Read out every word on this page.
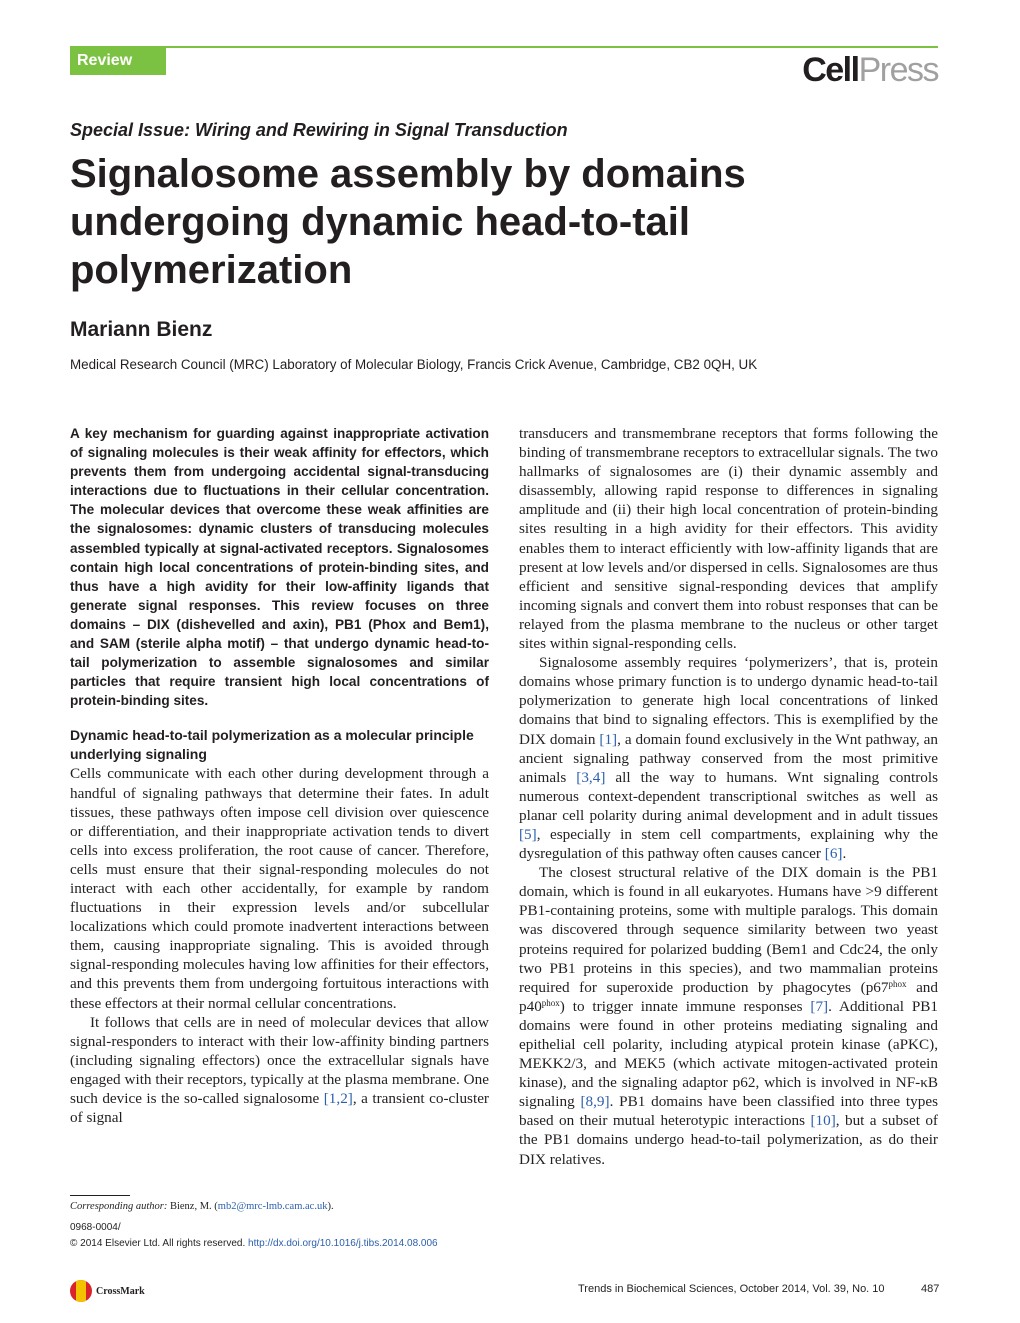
Review	CellPress
Special Issue: Wiring and Rewiring in Signal Transduction
Signalosome assembly by domains undergoing dynamic head-to-tail polymerization
Mariann Bienz
Medical Research Council (MRC) Laboratory of Molecular Biology, Francis Crick Avenue, Cambridge, CB2 0QH, UK

A key mechanism for guarding against inappropriate activation of signaling molecules is their weak affinity for effectors, which prevents them from undergoing accidental signal-transducing interactions due to fluctuations in their cellular concentration. The molecular devices that overcome these weak affinities are the signalosomes: dynamic clusters of transducing molecules assembled typically at signal-activated receptors. Signalosomes contain high local concentrations of protein-binding sites, and thus have a high avidity for their low-affinity ligands that generate signal responses. This review focuses on three domains – DIX (dishevelled and axin), PB1 (Phox and Bem1), and SAM (sterile alpha motif) – that undergo dynamic head-to-tail polymerization to assemble signalosomes and similar particles that require transient high local concentrations of protein-binding sites.

Dynamic head-to-tail polymerization as a molecular principle underlying signaling

Cells communicate with each other during development through a handful of signaling pathways that determine their fates. In adult tissues, these pathways often impose cell division over quiescence or differentiation, and their inappropriate activation tends to divert cells into excess proliferation, the root cause of cancer. Therefore, cells must ensure that their signal-responding molecules do not interact with each other accidentally, for example by random fluctuations in their expression levels and/or subcellular localizations which could promote inadvertent interactions between them, causing inappropriate signaling. This is avoided through signal-responding molecules having low affinities for their effectors, and this prevents them from undergoing fortuitous interactions with these effectors at their normal cellular concentrations.

It follows that cells are in need of molecular devices that allow signal-responders to interact with their low-affinity binding partners (including signaling effectors) once the extracellular signals have engaged with their receptors, typically at the plasma membrane. One such device is the so-called signalosome [1,2], a transient co-cluster of signal

transducers and transmembrane receptors that forms following the binding of transmembrane receptors to extracellular signals. The two hallmarks of signalosomes are (i) their dynamic assembly and disassembly, allowing rapid response to differences in signaling amplitude and (ii) their high local concentration of protein-binding sites resulting in a high avidity for their effectors. This avidity enables them to interact efficiently with low-affinity ligands that are present at low levels and/or dispersed in cells. Signalosomes are thus efficient and sensitive signal-responding devices that amplify incoming signals and convert them into robust responses that can be relayed from the plasma membrane to the nucleus or other target sites within signal-responding cells.

Signalosome assembly requires ‘polymerizers’, that is, protein domains whose primary function is to undergo dynamic head-to-tail polymerization to generate high local concentrations of linked domains that bind to signaling effectors. This is exemplified by the DIX domain [1], a domain found exclusively in the Wnt pathway, an ancient signaling pathway conserved from the most primitive animals [3,4] all the way to humans. Wnt signaling controls numerous context-dependent transcriptional switches as well as planar cell polarity during animal development and in adult tissues [5], especially in stem cell compartments, explaining why the dysregulation of this pathway often causes cancer [6].

The closest structural relative of the DIX domain is the PB1 domain, which is found in all eukaryotes. Humans have >9 different PB1-containing proteins, some with multiple paralogs. This domain was discovered through sequence similarity between two yeast proteins required for polarized budding (Bem1 and Cdc24, the only two PB1 proteins in this species), and two mammalian proteins required for superoxide production by phagocytes ($p67^{phox}$ and $p40^{phox}$) to trigger innate immune responses [7]. Additional PB1 domains were found in other proteins mediating signaling and epithelial cell polarity, including atypical protein kinase (aPKC), MEKK2/3, and MEK5 (which activate mitogen-activated protein kinase), and the signaling adaptor p62, which is involved in NF-κB signaling [8,9]. PB1 domains have been classified into three types based on their mutual heterotypic interactions [10], but a subset of the PB1 domains undergo head-to-tail polymerization, as do their DIX relatives.

Corresponding author: Bienz, M. (mb2@mrc-lmb.cam.ac.uk).
0968-0004/
© 2014 Elsevier Ltd. All rights reserved. http://dx.doi.org/10.1016/j.tibs.2014.08.006
CrossMark	Trends in Biochemical Sciences, October 2014, Vol. 39, No. 10	487
